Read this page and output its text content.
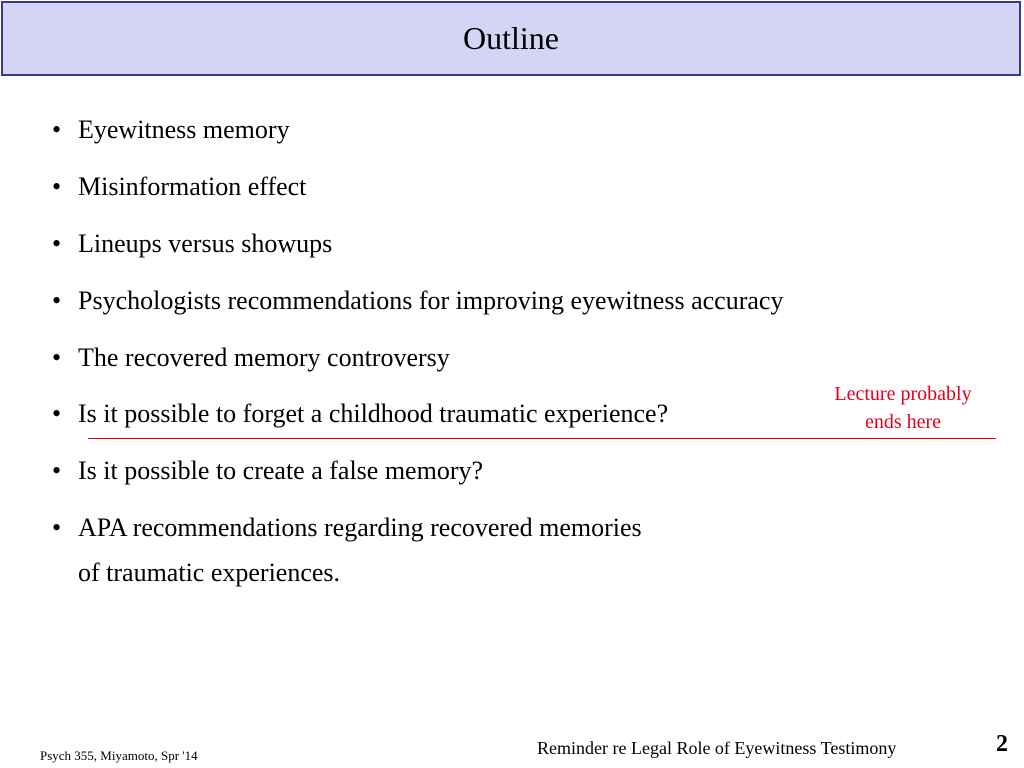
Outline
• Eyewitness memory
• Misinformation effect
• Lineups versus showups
• Psychologists recommendations for improving eyewitness accuracy
• The recovered memory controversy
• Is it possible to forget a childhood traumatic experience?
• Is it possible to create a false memory?
• APA recommendations regarding recovered memories
of traumatic experiences.
Lecture probably
ends here
Psych 355, Miyamoto, Spr '14	Reminder re Legal Role of Eyewitness Testimony	2
